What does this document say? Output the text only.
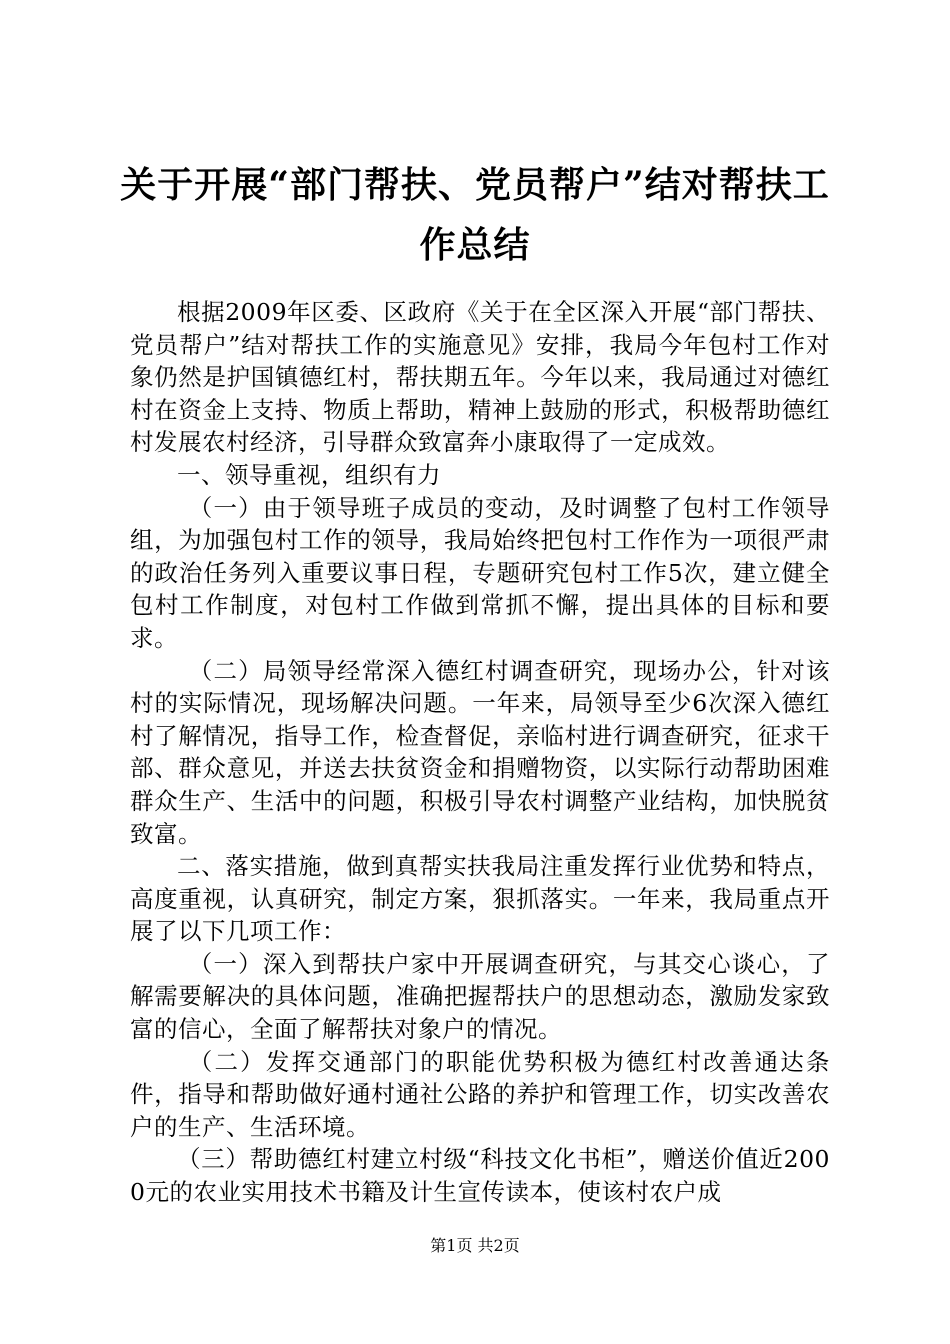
关于开展“部门帮扶、党员帮户”结对帮扶工
作总结

根据2009年区委、区政府《关于在全区深入开展“部门帮扶、党员帮户”结对帮扶工作的实施意见》安排，我局今年包村工作对象仍然是护国镇德红村，帮扶期五年。今年以来，我局通过对德红村在资金上支持、物质上帮助，精神上鼓励的形式，积极帮助德红村发展农村经济，引导群众致富奔小康取得了一定成效。

一、领导重视，组织有力

（一）由于领导班子成员的变动，及时调整了包村工作领导组，为加强包村工作的领导，我局始终把包村工作作为一项很严肃的政治任务列入重要议事日程，专题研究包村工作5次，建立健全包村工作制度，对包村工作做到常抓不懈，提出具体的目标和要求。

（二）局领导经常深入德红村调查研究，现场办公，针对该村的实际情况，现场解决问题。一年来，局领导至少6次深入德红村了解情况，指导工作，检查督促，亲临村进行调查研究，征求干部、群众意见，并送去扶贫资金和捐赠物资，以实际行动帮助困难群众生产、生活中的问题，积极引导农村调整产业结构，加快脱贫致富。

二、落实措施，做到真帮实扶我局注重发挥行业优势和特点，高度重视，认真研究，制定方案，狠抓落实。一年来，我局重点开展了以下几项工作：

（一）深入到帮扶户家中开展调查研究，与其交心谈心，了解需要解决的具体问题，准确把握帮扶户的思想动态，激励发家致富的信心，全面了解帮扶对象户的情况。

（二）发挥交通部门的职能优势积极为德红村改善通达条件，指导和帮助做好通村通社公路的养护和管理工作，切实改善农户的生产、生活环境。

（三）帮助德红村建立村级“科技文化书柜”，赠送价值近2000元的农业实用技术书籍及计生宣传读本，使该村农户成

第1页 共2页
